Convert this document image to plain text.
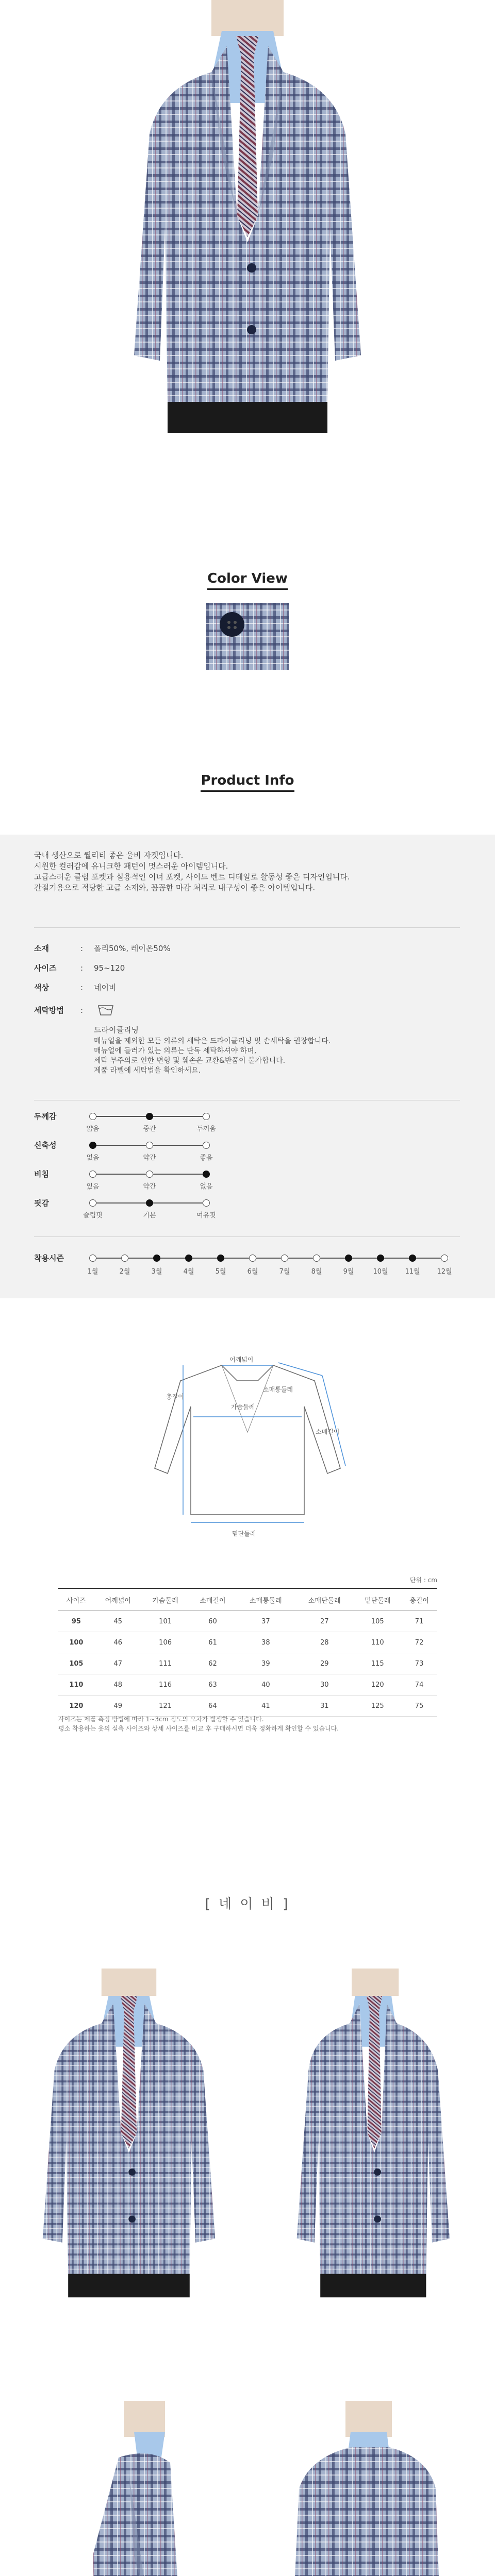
Color View
Product Info
국내 생산으로 퀄리티 좋은 울비 자켓입니다.
시원한 컬러감에 유니크한 패턴이 멋스러운 아이템입니다.
고급스러운 클럽 포켓과 실용적인 이너 포켓, 사이드 벤트 디테일로 활동성 좋은 디자인입니다.
간절기용으로 적당한 고급 소재와, 꼼꼼한 마감 처리로 내구성이 좋은 아이템입니다.
소재	: 폴리50%, 레이온50%
사이즈	: 95~120
색상	: 네이비
세탁방법 :
드라이클리닝
매뉴얼을 제외한 모든 의류의 세탁은 드라이클리닝 및 손세탁을 권장합니다.
매뉴얼에 들러가 있는 의류는 단독 세탁하셔야 하며,
세탁 부주의로 인한 변형 및 훼손은 교환&반품이 불가합니다.
제품 라벨에 세탁법을 확인하세요.
두께감
얇음	중간	두꺼움
신축성
없음	약간	좋음
비침
있음	약간	없음
핏감
슬림핏	기본	여유핏
착용시즌
1월	2월	3월	4월	5월	6월	7월	8월	9월	10월	11월	12월
어깨넓이
소매통둘레
가슴둘레
총길이
소매길이
밑단둘레
단위 : cm
사이즈	어깨넓이	가슴둘레	소매길이	소매통둘레	소매단둘레	밑단둘레	총길이
95	45	101	60	37	27	105	71
100	46	106	61	38	28	110	72
105	47	111	62	39	29	115	73
110	48	116	63	40	30	120	74
120	49	121	64	41	31	125	75
사이즈는 제품 측정 방법에 따라 1~3cm 정도의 오차가 발생할 수 있습니다.
평소 착용하는 옷의 실측 사이즈와 상세 사이즈를 비교 후 구매하시면 더욱 정확하게 확인할 수 있습니다.
[ 네 이 비 ]
